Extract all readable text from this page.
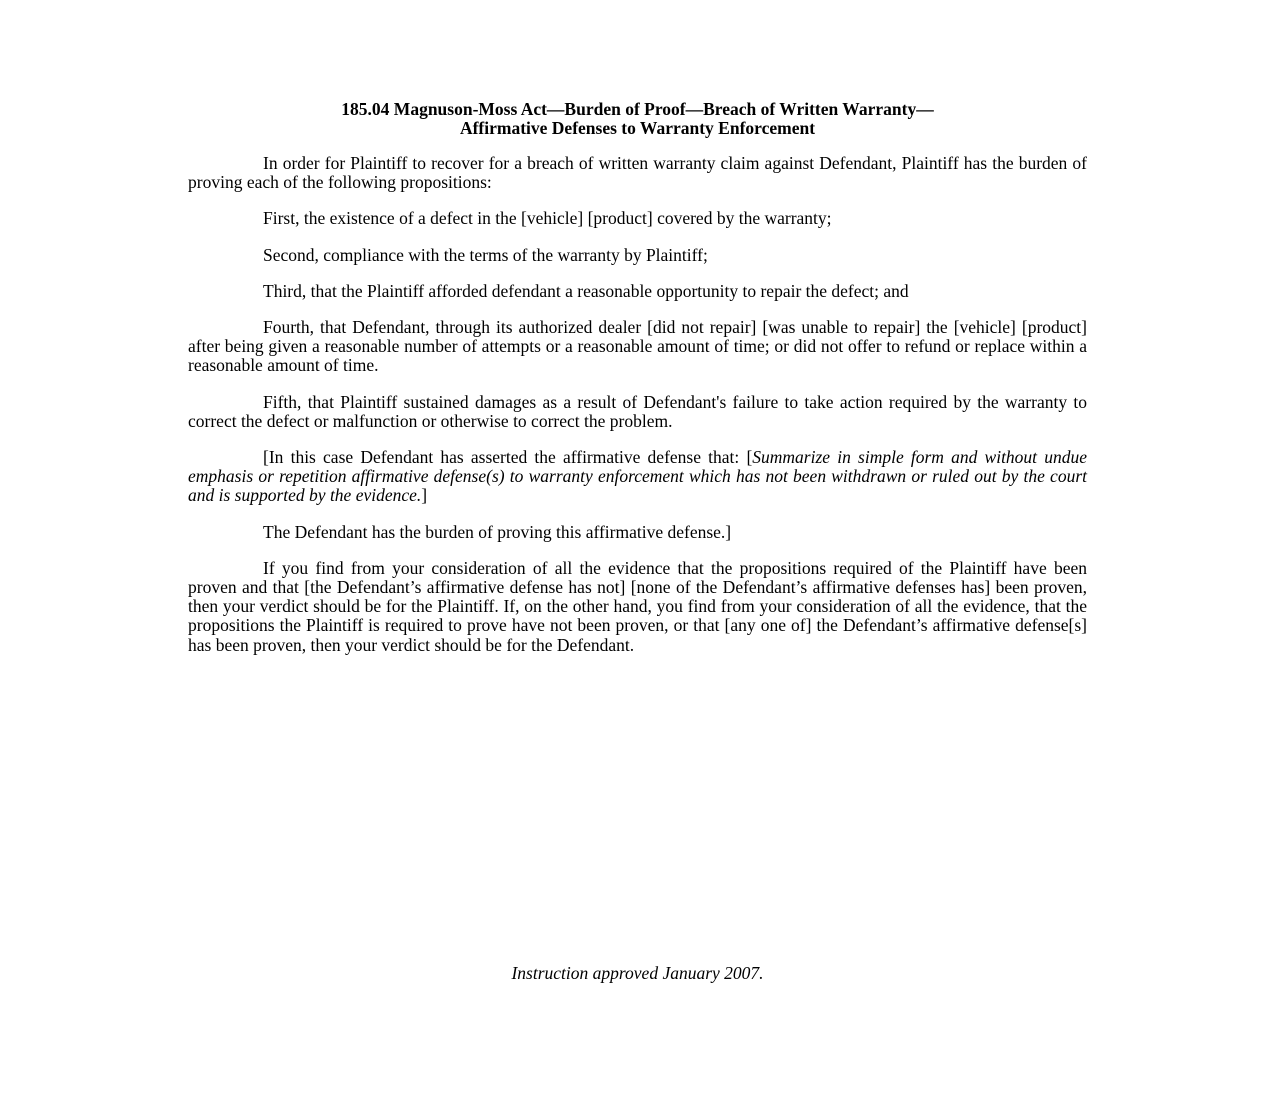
185.04 Magnuson-Moss Act—Burden of Proof—Breach of Written Warranty—
Affirmative Defenses to Warranty Enforcement

In order for Plaintiff to recover for a breach of written warranty claim against Defendant, Plaintiff has the burden of proving each of the following propositions:

First, the existence of a defect in the [vehicle] [product] covered by the warranty;

Second, compliance with the terms of the warranty by Plaintiff;

Third, that the Plaintiff afforded defendant a reasonable opportunity to repair the defect; and

Fourth, that Defendant, through its authorized dealer [did not repair] [was unable to repair] the [vehicle] [product] after being given a reasonable number of attempts or a reasonable amount of time; or did not offer to refund or replace within a reasonable amount of time.

Fifth, that Plaintiff sustained damages as a result of Defendant's failure to take action required by the warranty to correct the defect or malfunction or otherwise to correct the problem.

[In this case Defendant has asserted the affirmative defense that: [Summarize in simple form and without undue emphasis or repetition affirmative defense(s) to warranty enforcement which has not been withdrawn or ruled out by the court and is supported by the evidence.]

The Defendant has the burden of proving this affirmative defense.]

If you find from your consideration of all the evidence that the propositions required of the Plaintiff have been proven and that [the Defendant’s affirmative defense has not] [none of the Defendant’s affirmative defenses has] been proven, then your verdict should be for the Plaintiff. If, on the other hand, you find from your consideration of all the evidence, that the propositions the Plaintiff is required to prove have not been proven, or that [any one of] the Defendant’s affirmative defense[s] has been proven, then your verdict should be for the Defendant.

Instruction approved January 2007.
